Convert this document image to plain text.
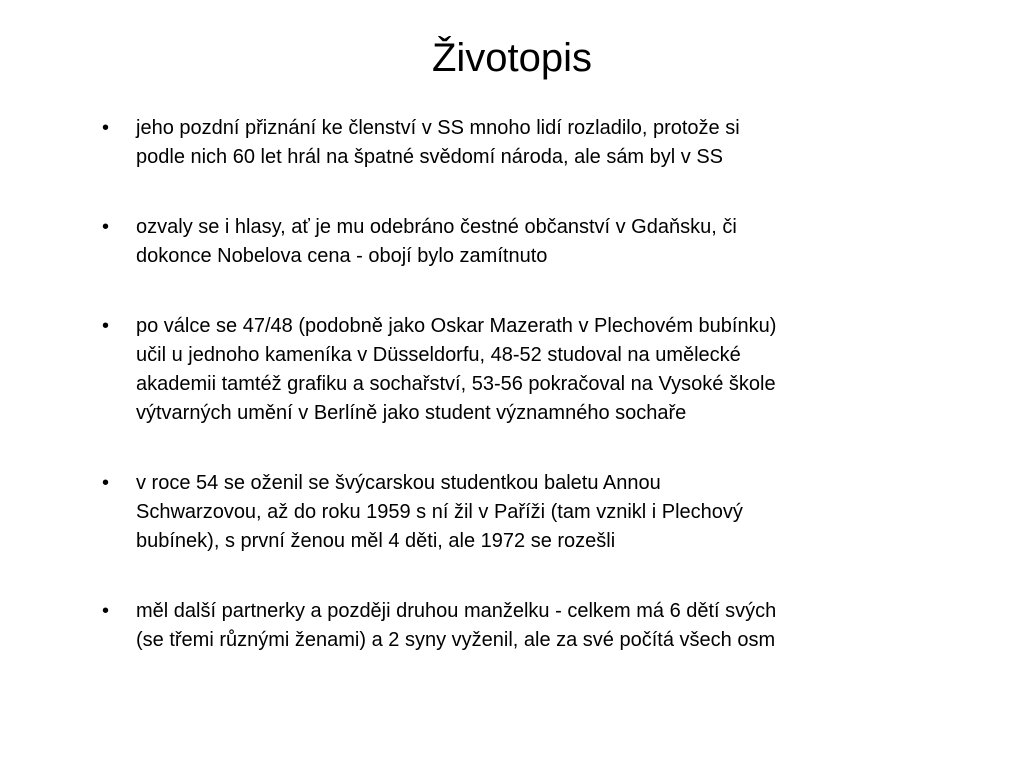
Životopis
• jeho pozdní přiznání ke členství v SS mnoho lidí rozladilo, protože si
podle nich 60 let hrál na špatné svědomí národa, ale sám byl v SS
• ozvaly se i hlasy, ať je mu odebráno čestné občanství v Gdaňsku, či
dokonce Nobelova cena - obojí bylo zamítnuto
• po válce se 47/48 (podobně jako Oskar Mazerath v Plechovém bubínku)
učil u jednoho kameníka v Düsseldorfu, 48-52 studoval na umělecké
akademii tamtéž grafiku a sochařství, 53-56 pokračoval na Vysoké škole
výtvarných umění v Berlíně jako student významného sochaře
• v roce 54 se oženil se švýcarskou studentkou baletu Annou
Schwarzovou, až do roku 1959 s ní žil v Paříži (tam vznikl i Plechový
bubínek), s první ženou měl 4 děti, ale 1972 se rozešli
• měl další partnerky a později druhou manželku - celkem má 6 dětí svých
(se třemi různými ženami) a 2 syny vyženil, ale za své počítá všech osm
